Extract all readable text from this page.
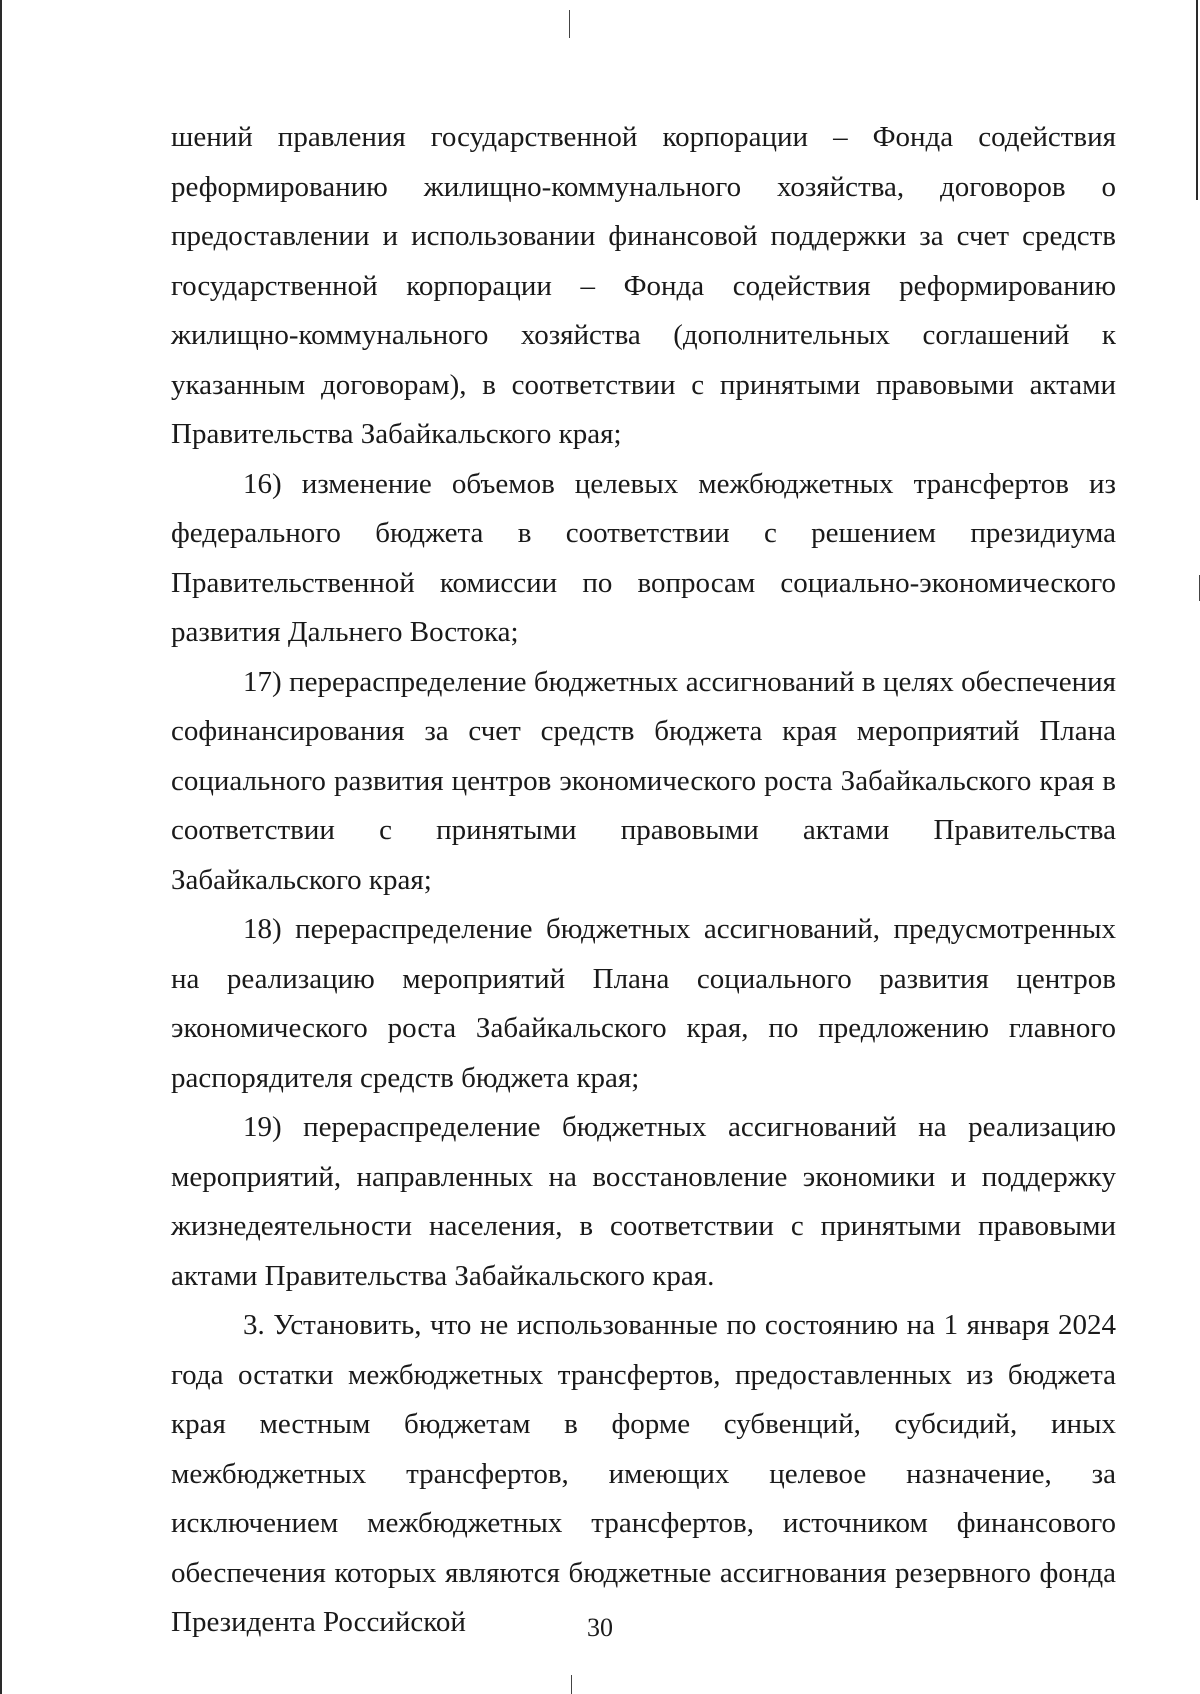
шений правления государственной корпорации – Фонда содействия реформированию жилищно-коммунального хозяйства, договоров о предоставлении и использовании финансовой поддержки за счет средств государственной корпорации – Фонда содействия реформированию жилищно-коммунального хозяйства (дополнительных соглашений к указанным договорам), в соответствии с принятыми правовыми актами Правительства Забайкальского края;

16) изменение объемов целевых межбюджетных трансфертов из федерального бюджета в соответствии с решением президиума Правительственной комиссии по вопросам социально-экономического развития Дальнего Востока;

17) перераспределение бюджетных ассигнований в целях обеспечения софинансирования за счет средств бюджета края мероприятий Плана социального развития центров экономического роста Забайкальского края в соответствии с принятыми правовыми актами Правительства Забайкальского края;

18) перераспределение бюджетных ассигнований, предусмотренных на реализацию мероприятий Плана социального развития центров экономического роста Забайкальского края, по предложению главного распорядителя средств бюджета края;

19) перераспределение бюджетных ассигнований на реализацию мероприятий, направленных на восстановление экономики и поддержку жизнедеятельности населения, в соответствии с принятыми правовыми актами Правительства Забайкальского края.

3. Установить, что не использованные по состоянию на 1 января 2024 года остатки межбюджетных трансфертов, предоставленных из бюджета края местным бюджетам в форме субвенций, субсидий, иных межбюджетных трансфертов, имеющих целевое назначение, за исключением межбюджетных трансфертов, источником финансового обеспечения которых являются бюджетные ассигнования резервного фонда Президента Российской	30
